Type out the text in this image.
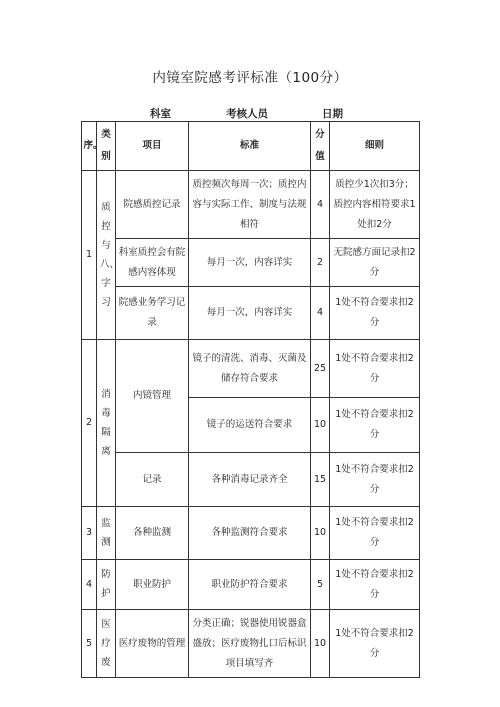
内镜室院感考评标准（100分）
科室	考核人员	日期
序。	类别	项目	标准	分值	细则
1	质控与八、字习	院感质控记录	质控频次每周一次；质控内容与实际工作、制度与法规相符	4	质控少1次扣3分；质控内容相符要求1处扣2分

		科室质控会有院感内容体现	每月一次，内容详实	2	无院感方面记录扣2分

		院感业务学习记录	每月一次，内容详实	4	1处不符合要求扣2分

2	消毒隔离	内镜管理	镜子的清洗、消毒、灭菌及储存符合要求	25	1处不符合要求扣2分

			镜子的运送符合要求	10	1处不符合要求扣2分

		记录	各种消毒记录齐全	15	1处不符合要求扣2分

3	监测	各种监测	各种监测符合要求	10	1处不符合要求扣2分

4	防护	职业防护	职业防护符合要求	5	1处不符合要求扣2分

5	医疗废	医疗废物的管理	分类正确；锐器使用锐器盒盛放；医疗废物扎口后标识项目填写齐	10	1处不符合要求扣2分
